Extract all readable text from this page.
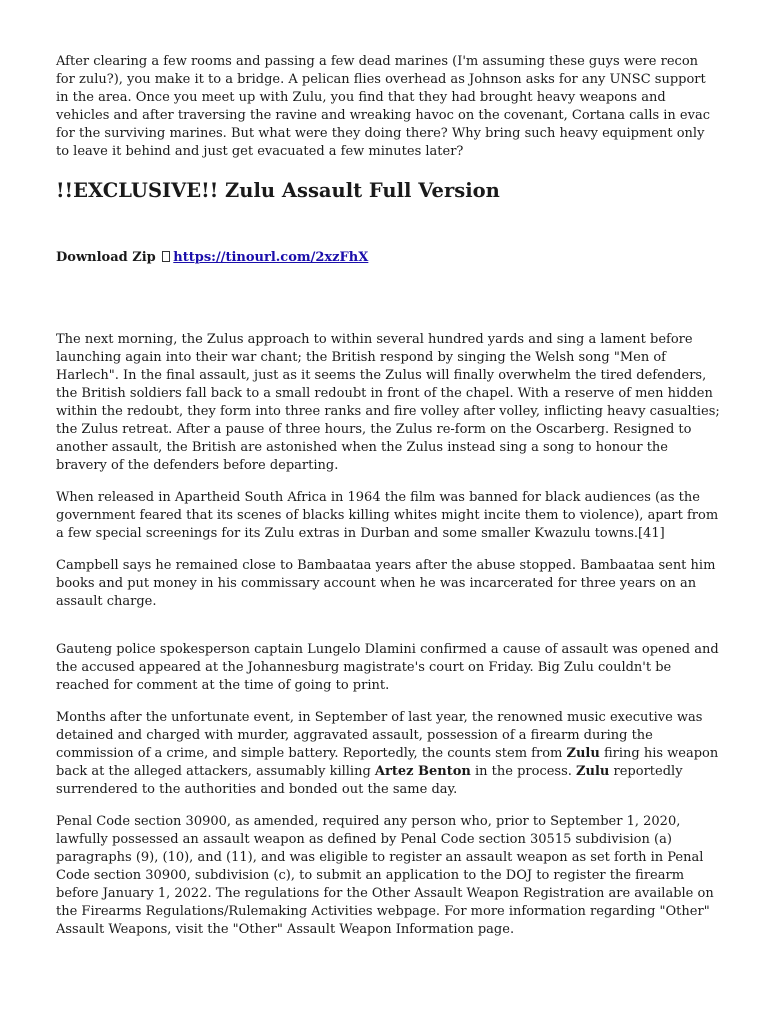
After clearing a few rooms and passing a few dead marines (I'm assuming these guys were recon for zulu?), you make it to a bridge. A pelican flies overhead as Johnson asks for any UNSC support in the area. Once you meet up with Zulu, you find that they had brought heavy weapons and vehicles and after traversing the ravine and wreaking havoc on the covenant, Cortana calls in evac for the surviving marines. But what were they doing there? Why bring such heavy equipment only to leave it behind and just get evacuated a few minutes later?

!!EXCLUSIVE!! Zulu Assault Full Version
Download Zip https://tinourl.com/2xzFhX

The next morning, the Zulus approach to within several hundred yards and sing a lament before launching again into their war chant; the British respond by singing the Welsh song "Men of Harlech". In the final assault, just as it seems the Zulus will finally overwhelm the tired defenders, the British soldiers fall back to a small redoubt in front of the chapel. With a reserve of men hidden within the redoubt, they form into three ranks and fire volley after volley, inflicting heavy casualties; the Zulus retreat. After a pause of three hours, the Zulus re-form on the Oscarberg. Resigned to another assault, the British are astonished when the Zulus instead sing a song to honour the bravery of the defenders before departing.

When released in Apartheid South Africa in 1964 the film was banned for black audiences (as the government feared that its scenes of blacks killing whites might incite them to violence), apart from a few special screenings for its Zulu extras in Durban and some smaller Kwazulu towns.[41]

Campbell says he remained close to Bambaataa years after the abuse stopped. Bambaataa sent him books and put money in his commissary account when he was incarcerated for three years on an assault charge.

Gauteng police spokesperson captain Lungelo Dlamini confirmed a cause of assault was opened and the accused appeared at the Johannesburg magistrate's court on Friday. Big Zulu couldn't be reached for comment at the time of going to print.

Months after the unfortunate event, in September of last year, the renowned music executive was detained and charged with murder, aggravated assault, possession of a firearm during the commission of a crime, and simple battery. Reportedly, the counts stem from Zulu firing his weapon back at the alleged attackers, assumably killing Artez Benton in the process. Zulu reportedly surrendered to the authorities and bonded out the same day.

Penal Code section 30900, as amended, required any person who, prior to September 1, 2020, lawfully possessed an assault weapon as defined by Penal Code section 30515 subdivision (a) paragraphs (9), (10), and (11), and was eligible to register an assault weapon as set forth in Penal Code section 30900, subdivision (c), to submit an application to the DOJ to register the firearm before January 1, 2022. The regulations for the Other Assault Weapon Registration are available on the Firearms Regulations/Rulemaking Activities webpage. For more information regarding "Other" Assault Weapons, visit the "Other" Assault Weapon Information page.
